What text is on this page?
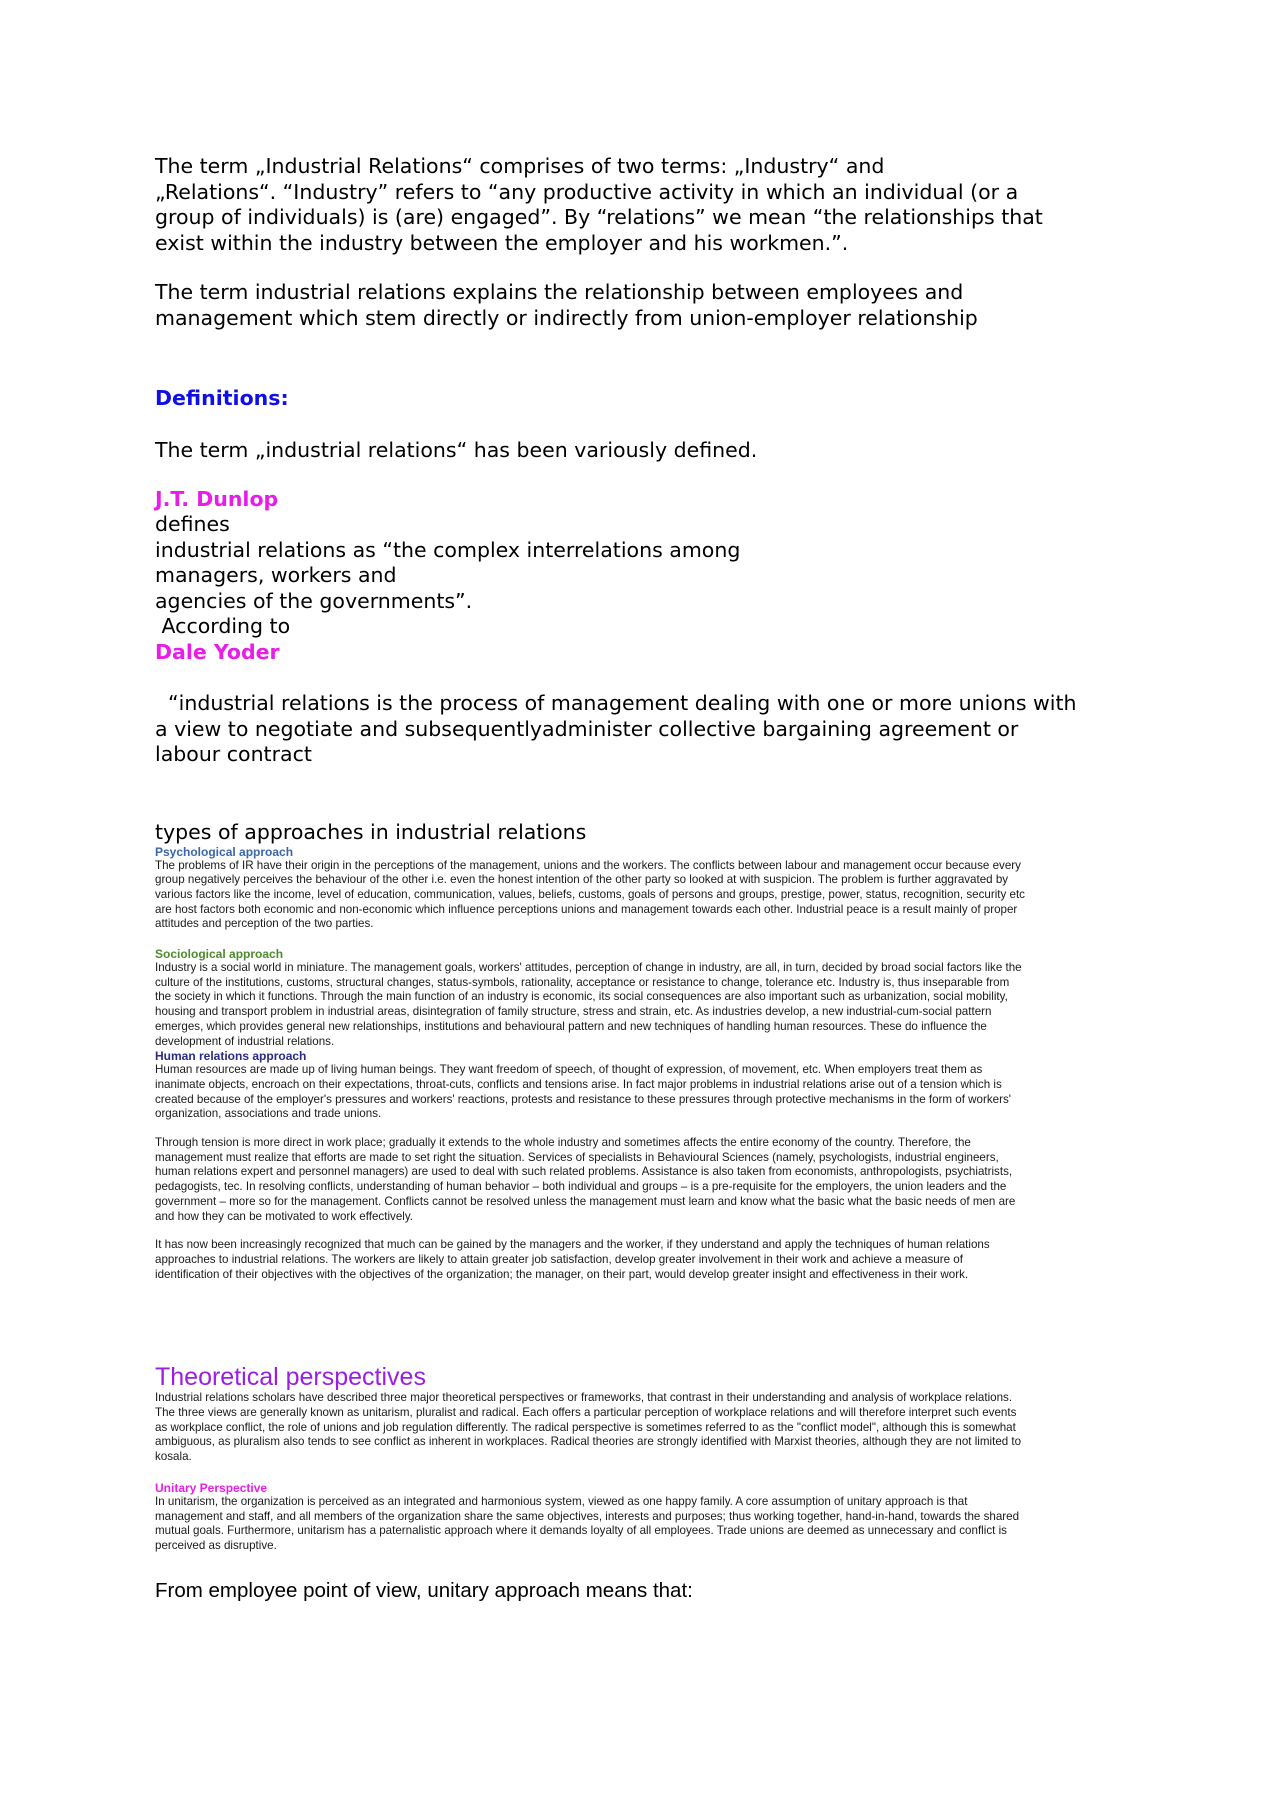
The term „Industrial Relations“ comprises of two terms: „Industry“ and

„Relations“. “Industry” refers to “any productive activity in which an individual (or a

group of individuals) is (are) engaged”. By “relations” we mean “the relationships that

exist within the industry between the employer and his workmen.”.

The term industrial relations explains the relationship between employees and

management which stem directly or indirectly from union-employer relationship

Definitions:

The term „industrial relations“ has been variously defined.

J.T. Dunlop

defines

industrial relations as “the complex interrelations among

managers, workers and

agencies of the governments”.

According to

Dale Yoder

“industrial relations is the process of management dealing with one or more unions with

a view to negotiate and subsequentlyadminister collective bargaining agreement or

labour contract

types of approaches in industrial relations

Psychological approach

The problems of IR have their origin in the perceptions of the management, unions and the workers. The conflicts between labour and management occur because every

group negatively perceives the behaviour of the other i.e. even the honest intention of the other party so looked at with suspicion. The problem is further aggravated by

various factors like the income, level of education, communication, values, beliefs, customs, goals of persons and groups, prestige, power, status, recognition, security etc

are host factors both economic and non-economic which influence perceptions unions and management towards each other. Industrial peace is a result mainly of proper

attitudes and perception of the two parties.

Sociological approach

Industry is a social world in miniature. The management goals, workers' attitudes, perception of change in industry, are all, in turn, decided by broad social factors like the

culture of the institutions, customs, structural changes, status-symbols, rationality, acceptance or resistance to change, tolerance etc. Industry is, thus inseparable from

the society in which it functions. Through the main function of an industry is economic, its social consequences are also important such as urbanization, social mobility,

housing and transport problem in industrial areas, disintegration of family structure, stress and strain, etc. As industries develop, a new industrial-cum-social pattern

emerges, which provides general new relationships, institutions and behavioural pattern and new techniques of handling human resources. These do influence the

development of industrial relations.

Human relations approach

Human resources are made up of living human beings. They want freedom of speech, of thought of expression, of movement, etc. When employers treat them as

inanimate objects, encroach on their expectations, throat-cuts, conflicts and tensions arise. In fact major problems in industrial relations arise out of a tension which is

created because of the employer's pressures and workers' reactions, protests and resistance to these pressures through protective mechanisms in the form of workers'

organization, associations and trade unions.

Through tension is more direct in work place; gradually it extends to the whole industry and sometimes affects the entire economy of the country. Therefore, the

management must realize that efforts are made to set right the situation. Services of specialists in Behavioural Sciences (namely, psychologists, industrial engineers,

human relations expert and personnel managers) are used to deal with such related problems. Assistance is also taken from economists, anthropologists, psychiatrists,

pedagogists, tec. In resolving conflicts, understanding of human behavior – both individual and groups – is a pre-requisite for the employers, the union leaders and the

government – more so for the management. Conflicts cannot be resolved unless the management must learn and know what the basic what the basic needs of men are

and how they can be motivated to work effectively.

It has now been increasingly recognized that much can be gained by the managers and the worker, if they understand and apply the techniques of human relations

approaches to industrial relations. The workers are likely to attain greater job satisfaction, develop greater involvement in their work and achieve a measure of

identification of their objectives with the objectives of the organization; the manager, on their part, would develop greater insight and effectiveness in their work.

Theoretical perspectives

Industrial relations scholars have described three major theoretical perspectives or frameworks, that contrast in their understanding and analysis of workplace relations.

The three views are generally known as unitarism, pluralist and radical. Each offers a particular perception of workplace relations and will therefore interpret such events

as workplace conflict, the role of unions and job regulation differently. The radical perspective is sometimes referred to as the "conflict model", although this is somewhat

ambiguous, as pluralism also tends to see conflict as inherent in workplaces. Radical theories are strongly identified with Marxist theories, although they are not limited to

kosala.

Unitary Perspective

In unitarism, the organization is perceived as an integrated and harmonious system, viewed as one happy family. A core assumption of unitary approach is that

management and staff, and all members of the organization share the same objectives, interests and purposes; thus working together, hand-in-hand, towards the shared

mutual goals. Furthermore, unitarism has a paternalistic approach where it demands loyalty of all employees. Trade unions are deemed as unnecessary and conflict is

perceived as disruptive.

From employee point of view, unitary approach means that:
